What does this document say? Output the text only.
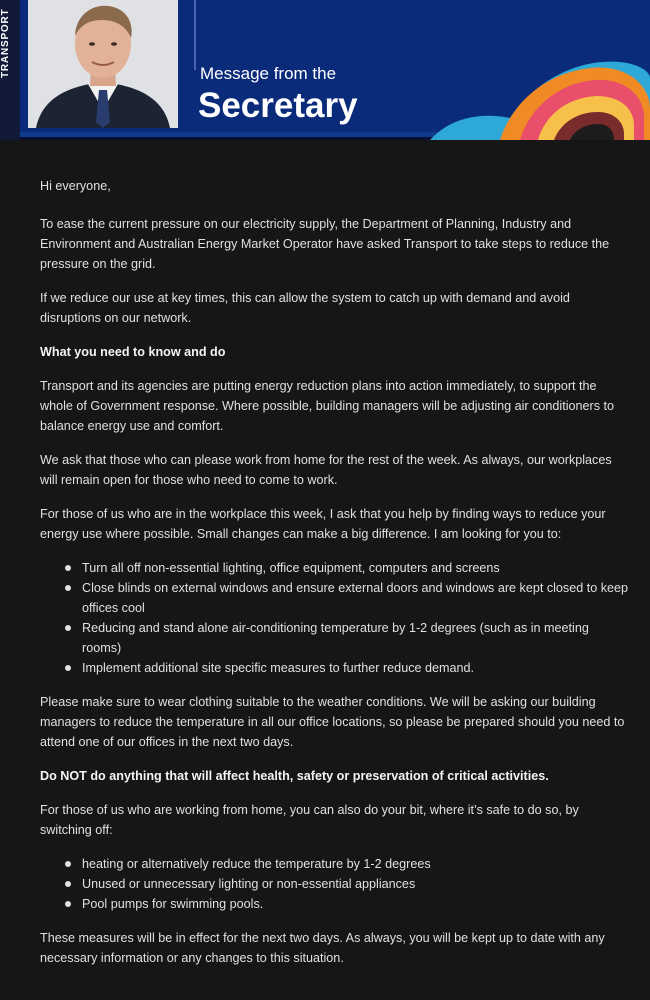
TRANSPORT	Message from the
Secretary

Hi everyone,

To ease the current pressure on our electricity supply, the Department of Planning, Industry and Environment and Australian Energy Market Operator have asked Transport to take steps to reduce the pressure on the grid.

If we reduce our use at key times, this can allow the system to catch up with demand and avoid disruptions on our network.

What you need to know and do

Transport and its agencies are putting energy reduction plans into action immediately, to support the whole of Government response. Where possible, building managers will be adjusting air conditioners to balance energy use and comfort.

We ask that those who can please work from home for the rest of the week. As always, our workplaces will remain open for those who need to come to work.

For those of us who are in the workplace this week, I ask that you help by finding ways to reduce your energy use where possible. Small changes can make a big difference. I am looking for you to:

Turn all off non-essential lighting, office equipment, computers and screens
Close blinds on external windows and ensure external doors and windows are kept closed to keep offices cool
Reducing and stand alone air-conditioning temperature by 1-2 degrees (such as in meeting rooms)
Implement additional site specific measures to further reduce demand.

Please make sure to wear clothing suitable to the weather conditions. We will be asking our building managers to reduce the temperature in all our office locations, so please be prepared should you need to attend one of our offices in the next two days.

Do NOT do anything that will affect health, safety or preservation of critical activities.

For those of us who are working from home, you can also do your bit, where it’s safe to do so, by switching off:

heating or alternatively reduce the temperature by 1-2 degrees
Unused or unnecessary lighting or non-essential appliances
Pool pumps for swimming pools.

These measures will be in effect for the next two days. As always, you will be kept up to date with any necessary information or any changes to this situation.
